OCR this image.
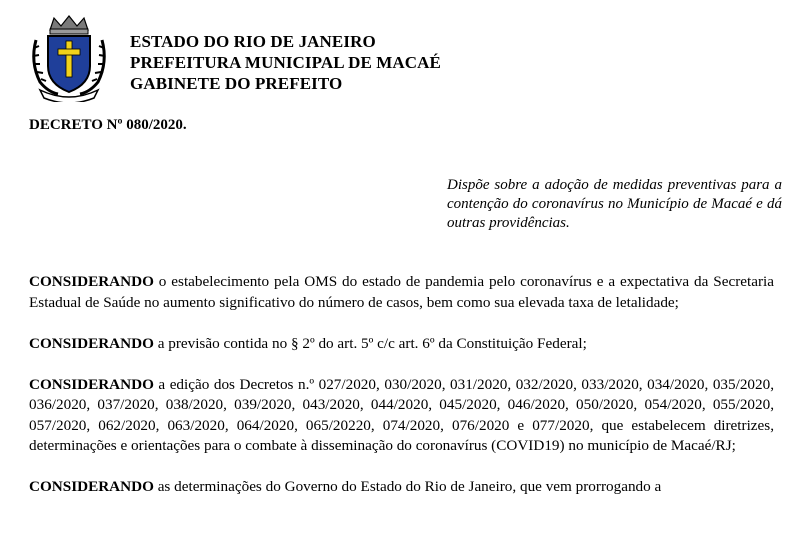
ESTADO DO RIO DE JANEIRO
PREFEITURA MUNICIPAL DE MACAÉ
GABINETE DO PREFEITO
DECRETO Nº 080/2020.
Dispõe sobre a adoção de medidas preventivas para a contenção do coronavírus no Município de Macaé e dá outras providências.

CONSIDERANDO o estabelecimento pela OMS do estado de pandemia pelo coronavírus e a expectativa da Secretaria Estadual de Saúde no aumento significativo do número de casos, bem como sua elevada taxa de letalidade;

CONSIDERANDO a previsão contida no § 2º do art. 5º c/c art. 6º da Constituição Federal;

CONSIDERANDO a edição dos Decretos n.º 027/2020, 030/2020, 031/2020, 032/2020, 033/2020, 034/2020, 035/2020, 036/2020, 037/2020, 038/2020, 039/2020, 043/2020, 044/2020, 045/2020, 046/2020, 050/2020, 054/2020, 055/2020, 057/2020, 062/2020, 063/2020, 064/2020, 065/20220, 074/2020, 076/2020 e 077/2020, que estabelecem diretrizes, determinações e orientações para o combate à disseminação do coronavírus (COVID19) no município de Macaé/RJ;

CONSIDERANDO as determinações do Governo do Estado do Rio de Janeiro, que vem prorrogando a
